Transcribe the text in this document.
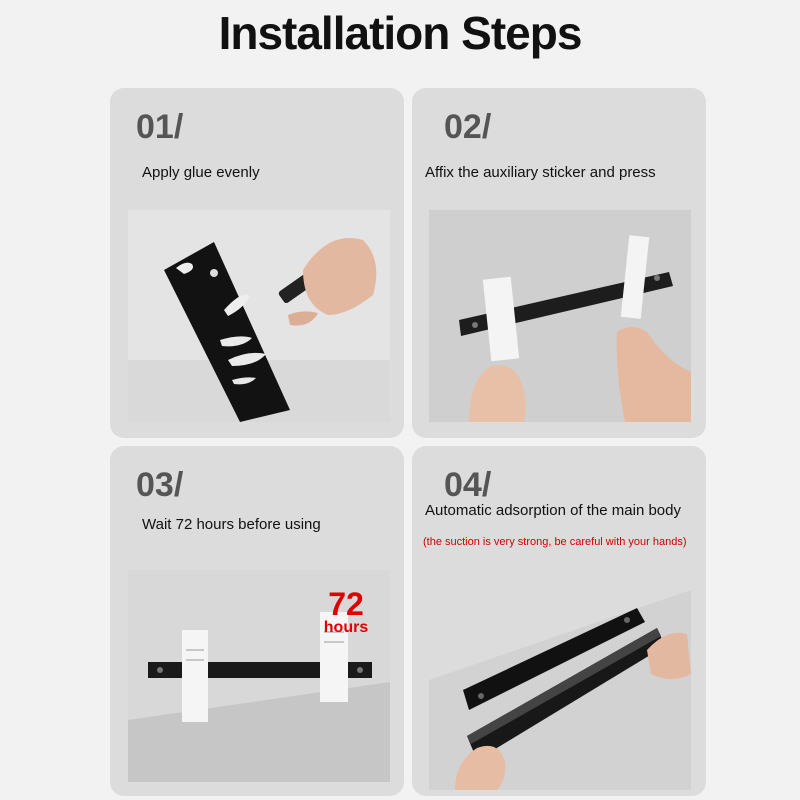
Installation Steps
01/
Apply glue evenly
02/
Affix the auxiliary sticker and press
03/
Wait 72 hours before using
72
hours
04/
Automatic adsorption of the main body
(the suction is very strong, be careful with your hands)
